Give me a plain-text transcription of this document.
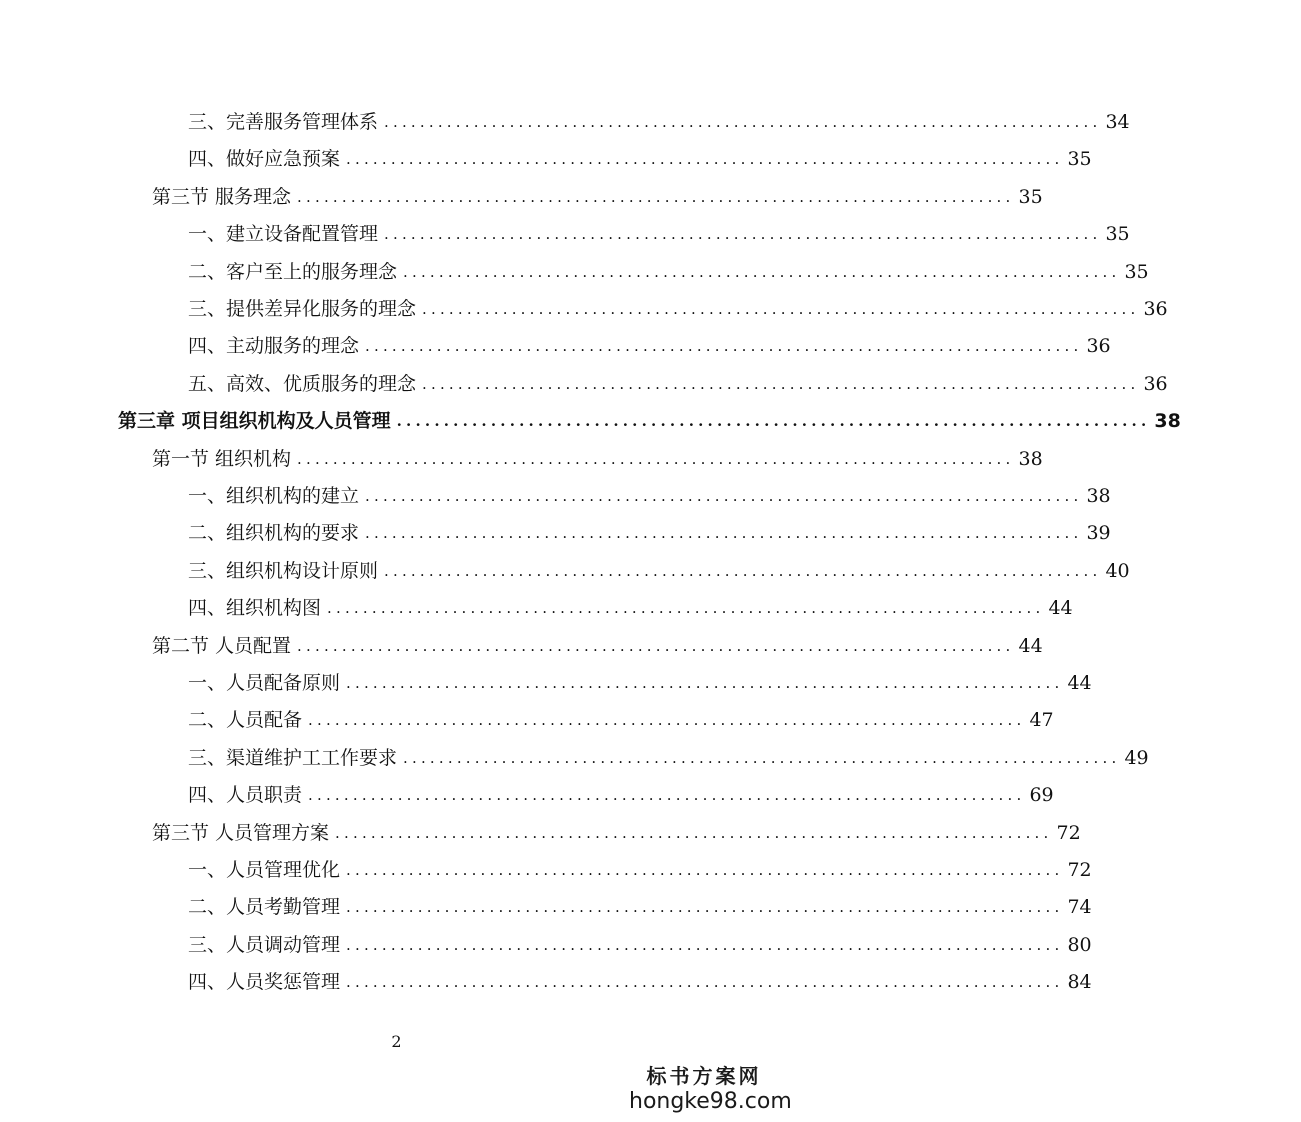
三、完善服务管理体系 ................................................................................ 34
四、做好应急预案 ................................................................................ 35
第三节 服务理念 ................................................................................ 35
一、建立设备配置管理 ................................................................................ 35
二、客户至上的服务理念 ................................................................................ 35
三、提供差异化服务的理念 ................................................................................ 36
四、主动服务的理念 ................................................................................ 36
五、高效、优质服务的理念 ................................................................................ 36
第三章 项目组织机构及人员管理 ................................................................................ 38
第一节 组织机构 ................................................................................ 38
一、组织机构的建立 ................................................................................ 38
二、组织机构的要求 ................................................................................ 39
三、组织机构设计原则 ................................................................................ 40
四、组织机构图 ................................................................................ 44
第二节 人员配置 ................................................................................ 44
一、人员配备原则 ................................................................................ 44
二、人员配备 ................................................................................ 47
三、渠道维护工工作要求 ................................................................................ 49
四、人员职责 ................................................................................ 69
第三节 人员管理方案 ................................................................................ 72
一、人员管理优化 ................................................................................ 72
二、人员考勤管理 ................................................................................ 74
三、人员调动管理 ................................................................................ 80
四、人员奖惩管理 ................................................................................ 84
2
标书方案网
hongke98.com
